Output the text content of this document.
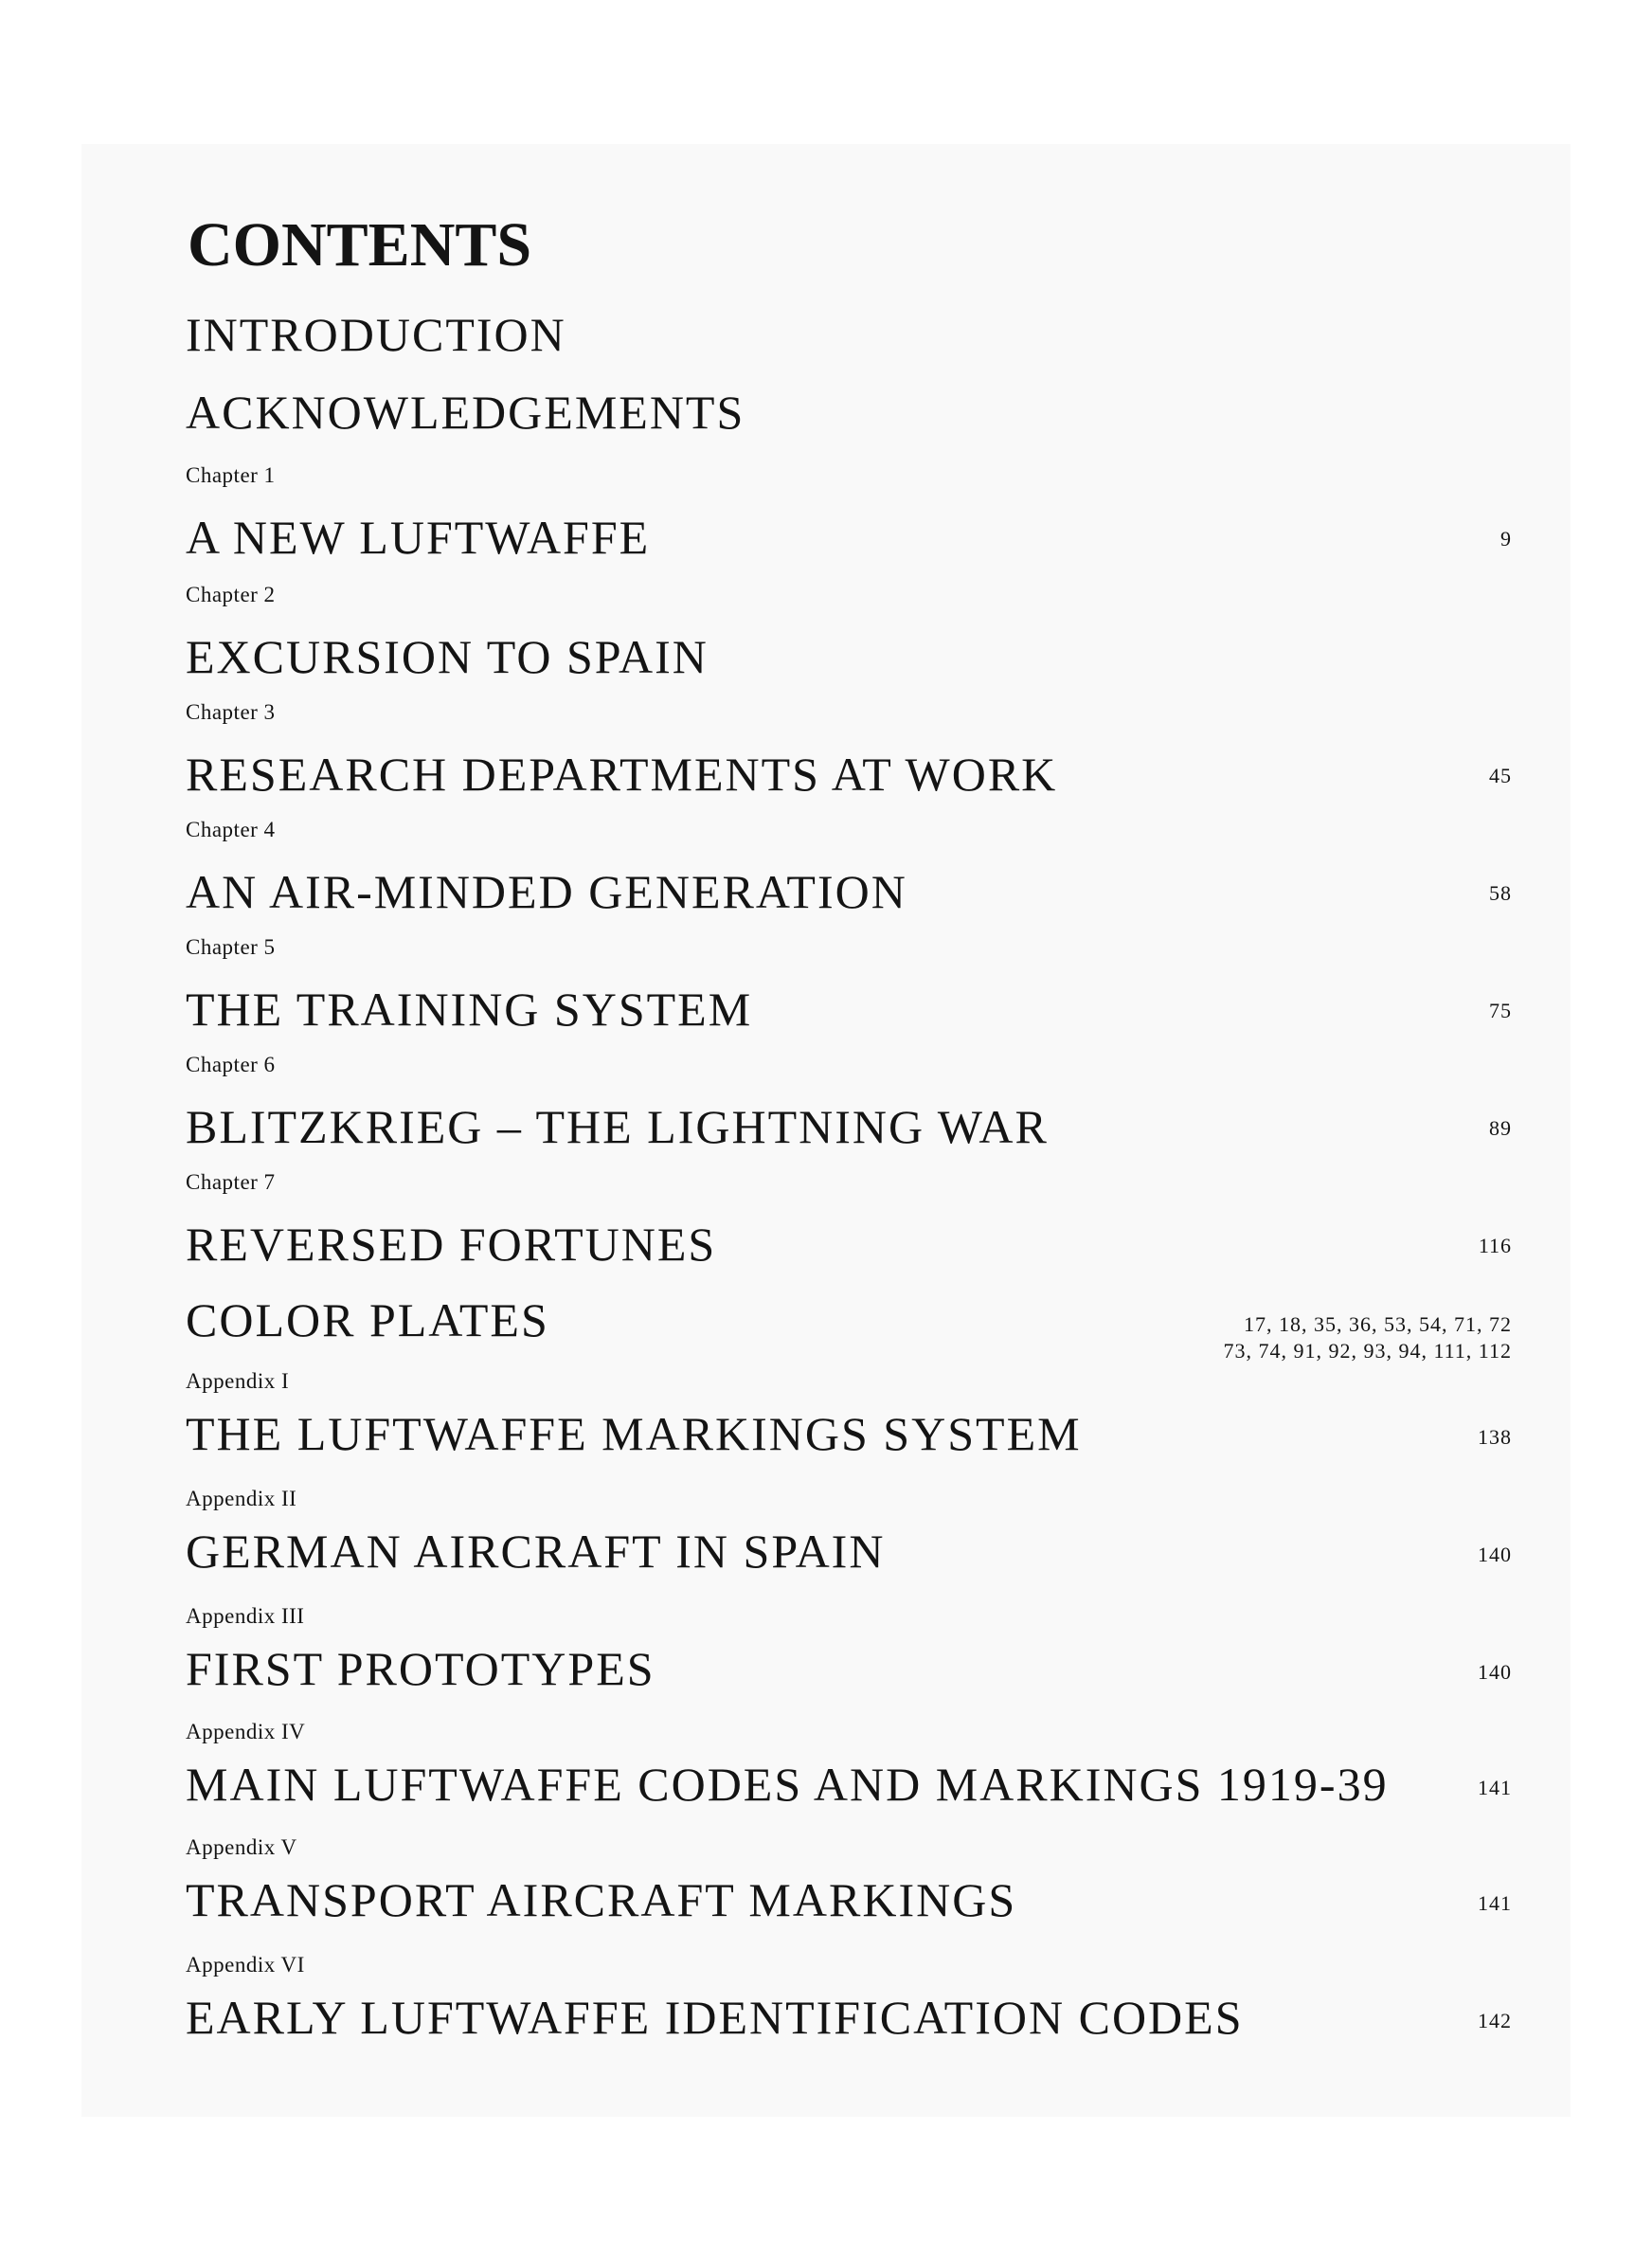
CONTENTS
INTRODUCTION
ACKNOWLEDGEMENTS
Chapter 1
A NEW LUFTWAFFE	9
Chapter 2
EXCURSION TO SPAIN
Chapter 3
RESEARCH DEPARTMENTS AT WORK	45
Chapter 4
AN AIR-MINDED GENERATION	58
Chapter 5
THE TRAINING SYSTEM	75
Chapter 6
BLITZKRIEG – THE LIGHTNING WAR	89
Chapter 7
REVERSED FORTUNES	116
COLOR PLATES	17, 18, 35, 36, 53, 54, 71, 72
73, 74, 91, 92, 93, 94, 111, 112
Appendix I
THE LUFTWAFFE MARKINGS SYSTEM	138
Appendix II
GERMAN AIRCRAFT IN SPAIN	140
Appendix III
FIRST PROTOTYPES	140
Appendix IV
MAIN LUFTWAFFE CODES AND MARKINGS 1919-39	141
Appendix V
TRANSPORT AIRCRAFT MARKINGS	141
Appendix VI
EARLY LUFTWAFFE IDENTIFICATION CODES	142
